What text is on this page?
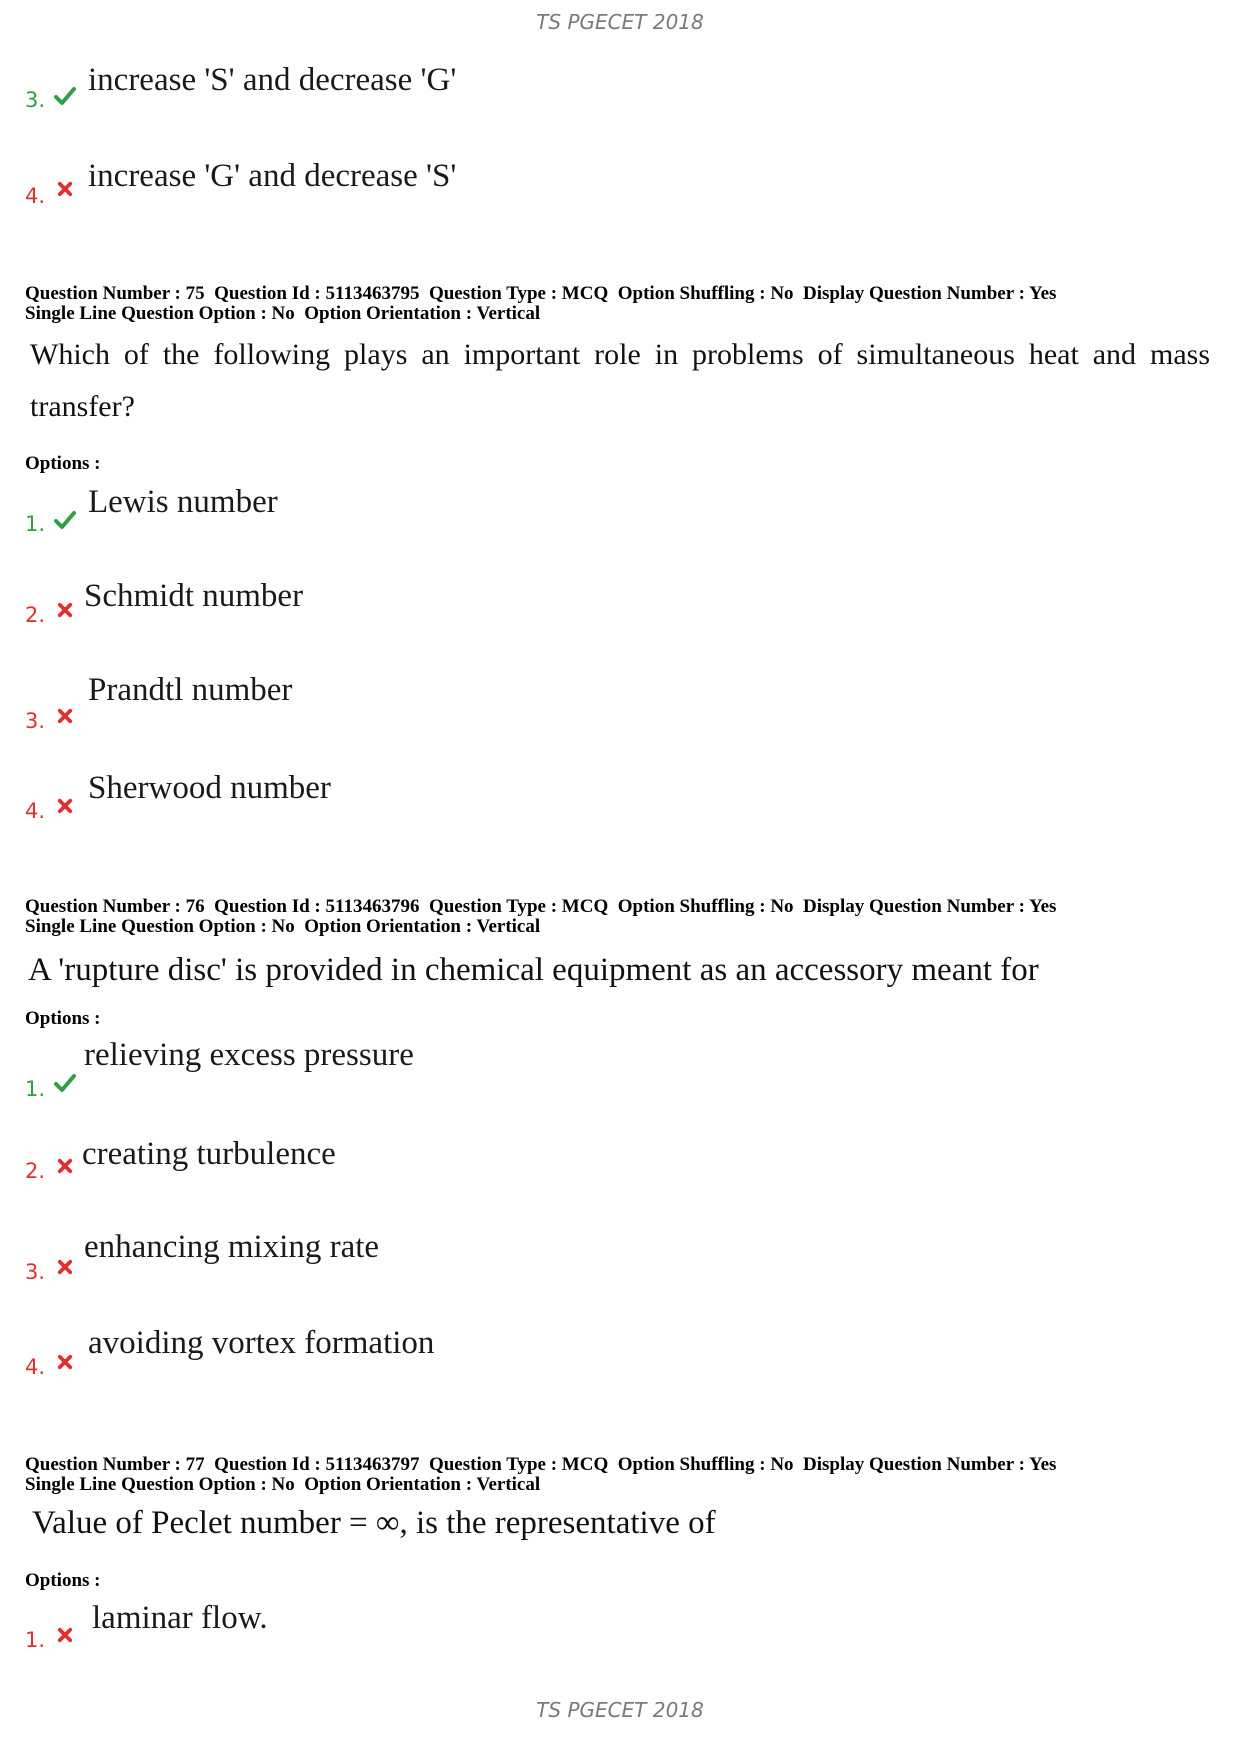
TS PGECET 2018
3.
increase 'S' and decrease 'G'
4.
increase 'G' and decrease 'S'
Question Number : 75  Question Id : 5113463795  Question Type : MCQ  Option Shuffling : No  Display Question Number : Yes
Single Line Question Option : No  Option Orientation : Vertical
Which of the following plays an important role in problems of simultaneous heat and mass
transfer?
Options :
1.
Lewis number
2.
Schmidt number
3.
Prandtl number
4.
Sherwood number
Question Number : 76  Question Id : 5113463796  Question Type : MCQ  Option Shuffling : No  Display Question Number : Yes
Single Line Question Option : No  Option Orientation : Vertical
A 'rupture disc' is provided in chemical equipment as an accessory meant for
Options :
1.
relieving excess pressure
2. creating turbulence
3.
enhancing mixing rate
4.
avoiding vortex formation
Question Number : 77  Question Id : 5113463797  Question Type : MCQ  Option Shuffling : No  Display Question Number : Yes
Single Line Question Option : No  Option Orientation : Vertical
Value of Peclet number = ∞, is the representative of
Options :
1.
laminar flow.
TS PGECET 2018
